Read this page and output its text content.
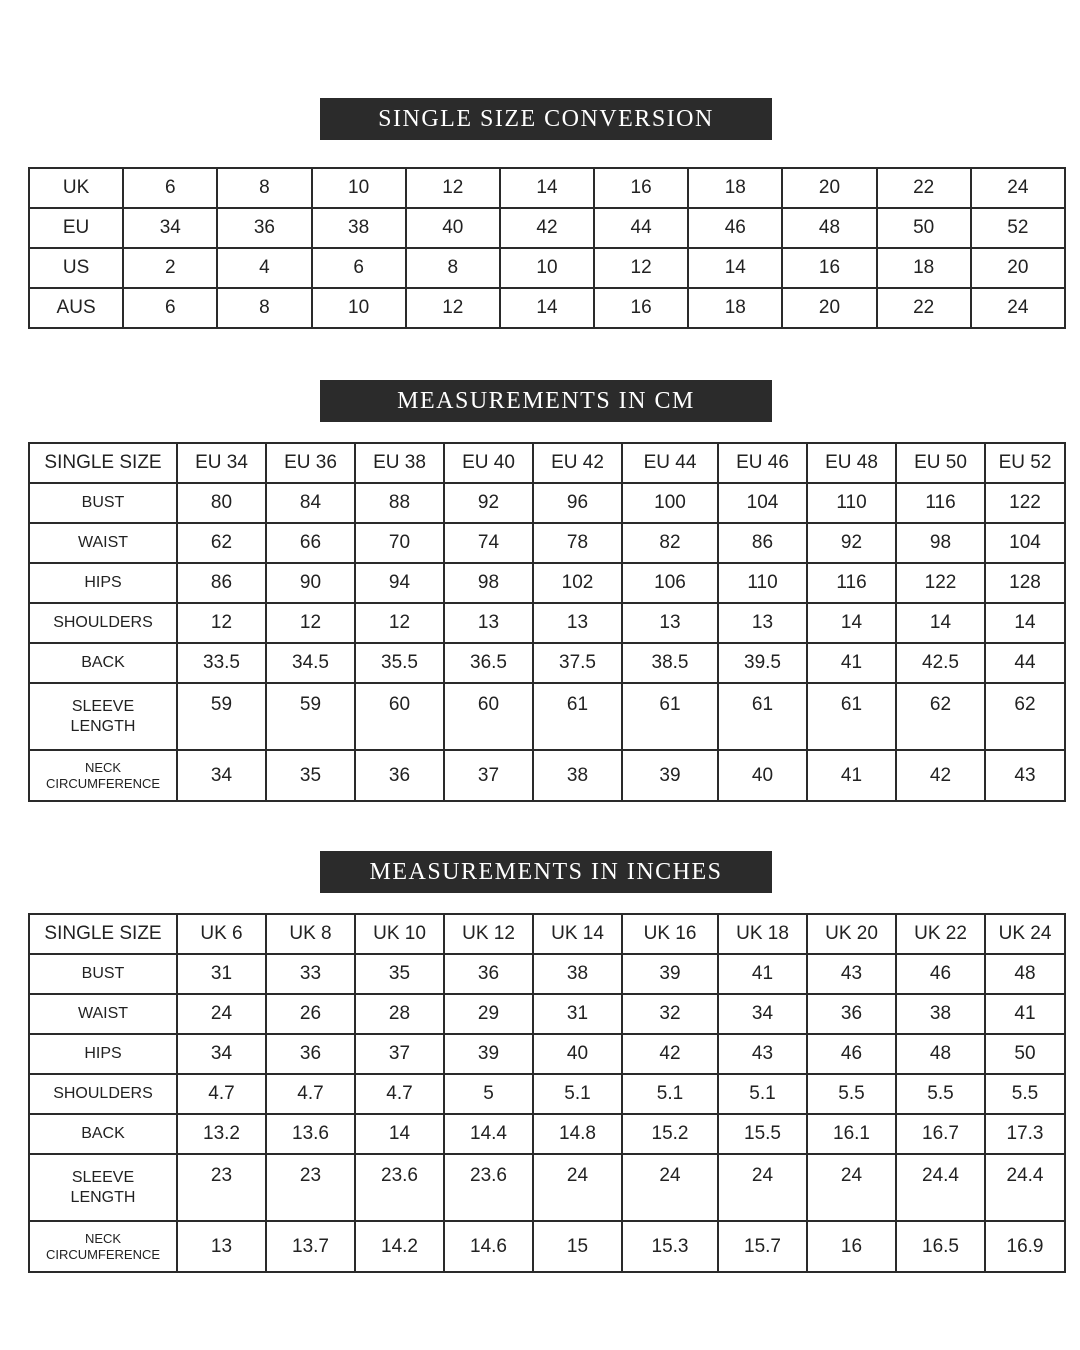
SINGLE SIZE CONVERSION
UK	6	8	10	12	14	16	18	20	22	24
EU	34	36	38	40	42	44	46	48	50	52
US	2	4	6	8	10	12	14	16	18	20
AUS	6	8	10	12	14	16	18	20	22	24
MEASUREMENTS IN CM
SINGLE SIZE	EU 34	EU 36	EU 38	EU 40	EU 42	EU 44	EU 46	EU 48	EU 50	EU 52
BUST	80	84	88	92	96	100	104	110	116	122
WAIST	62	66	70	74	78	82	86	92	98	104
HIPS	86	90	94	98	102	106	110	116	122	128
SHOULDERS	12	12	12	13	13	13	13	14	14	14
BACK	33.5	34.5	35.5	36.5	37.5	38.5	39.5	41	42.5	44
SLEEVE
LENGTH	59	59	60	60	61	61	61	61	62	62
NECK
CIRCUMFERENCE	34	35	36	37	38	39	40	41	42	43
MEASUREMENTS IN INCHES
SINGLE SIZE	UK 6	UK 8	UK 10	UK 12	UK 14	UK 16	UK 18	UK 20	UK 22	UK 24
BUST	31	33	35	36	38	39	41	43	46	48
WAIST	24	26	28	29	31	32	34	36	38	41
HIPS	34	36	37	39	40	42	43	46	48	50
SHOULDERS	4.7	4.7	4.7	5	5.1	5.1	5.1	5.5	5.5	5.5
BACK	13.2	13.6	14	14.4	14.8	15.2	15.5	16.1	16.7	17.3
SLEEVE
LENGTH	23	23	23.6	23.6	24	24	24	24	24.4	24.4
NECK
CIRCUMFERENCE	13	13.7	14.2	14.6	15	15.3	15.7	16	16.5	16.9
